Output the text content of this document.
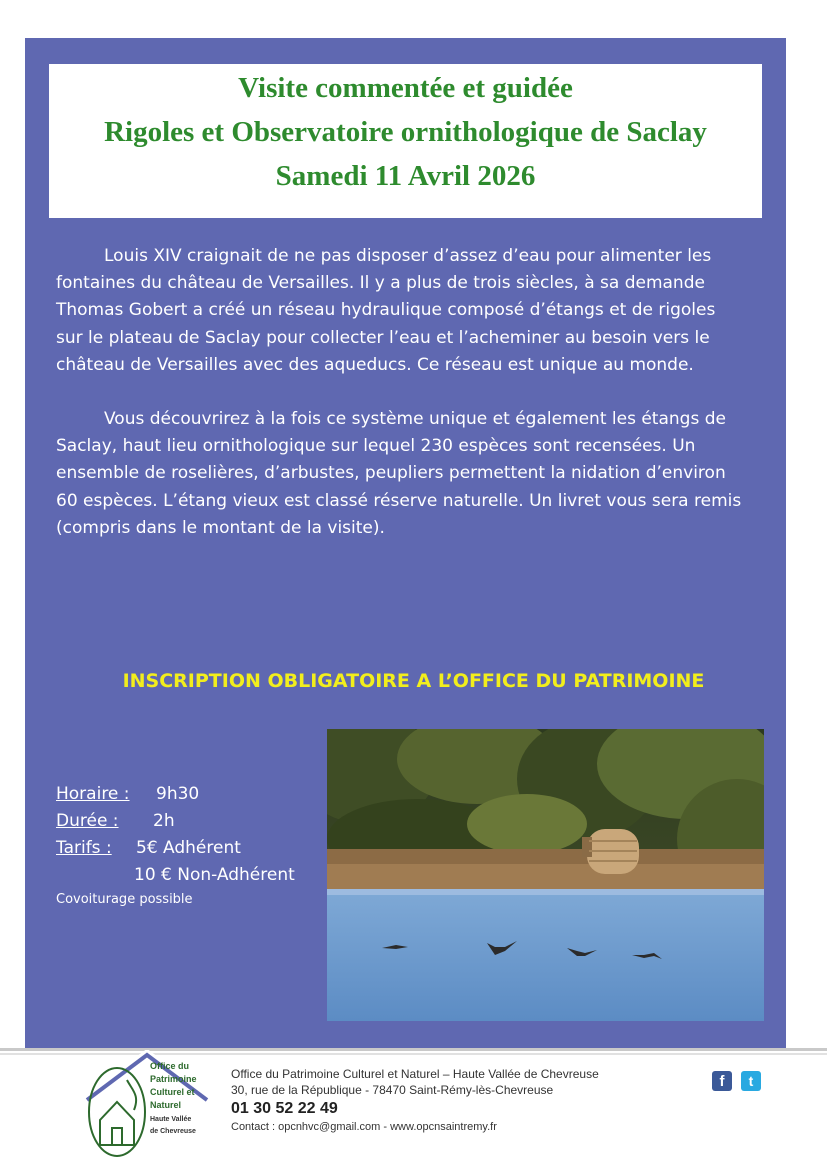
Visite commentée et guidée
Rigoles et Observatoire ornithologique de Saclay
Samedi 11 Avril 2026

Louis XIV craignait de ne pas disposer d’assez d’eau pour alimenter les fontaines du château de Versailles. Il y a plus de trois siècles, à sa demande Thomas Gobert a créé un réseau hydraulique composé d’étangs et de rigoles sur le plateau de Saclay pour collecter l’eau et l’acheminer au besoin vers le château de Versailles avec des aqueducs. Ce réseau est unique au monde.

Vous découvrirez à la fois ce système unique et également les étangs de Saclay, haut lieu ornithologique sur lequel 230 espèces sont recensées. Un ensemble de roselières, d’arbustes, peupliers permettent la nidation d’environ 60 espèces. L’étang vieux est classé réserve naturelle. Un livret vous sera remis (compris dans le montant de la visite).

INSCRIPTION OBLIGATOIRE A L’OFFICE DU PATRIMOINE
Horaire : 9h30
Durée : 2h
Tarifs : 5€ Adhérent
10 € Non-Adhérent
Covoiturage possible
Office du
Patrimoine
Culturel et
Naturel
Haute Vallée
de Chevreuse
Office du Patrimoine Culturel et Naturel – Haute Vallée de Chevreuse
30, rue de la République - 78470 Saint-Rémy-lès-Chevreuse
01 30 52 22 49
Contact : opcnhvc@gmail.com - www.opcnsaintremy.fr
f	t
